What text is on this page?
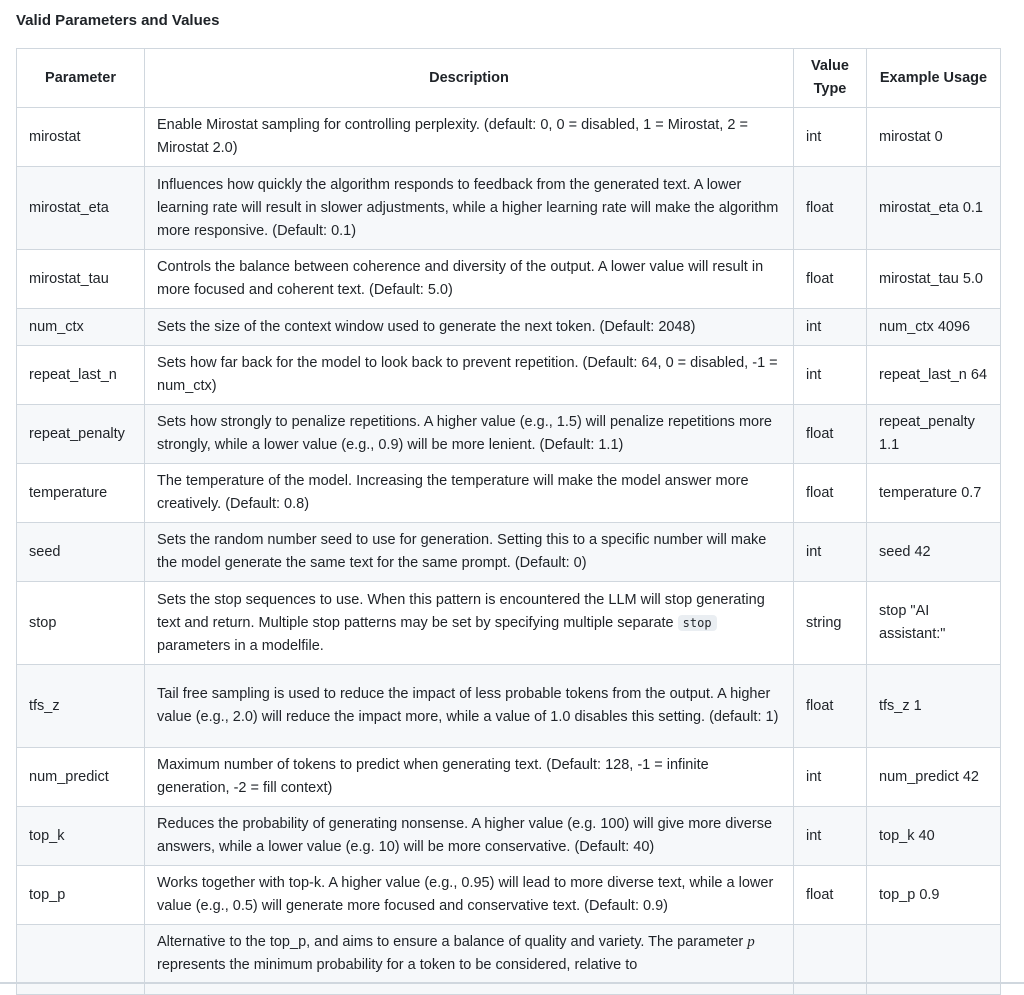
Valid Parameters and Values
Parameter	Description	Value Type	Example Usage
mirostat	Enable Mirostat sampling for controlling perplexity. (default: 0, 0 = disabled, 1 = Mirostat, 2 = Mirostat 2.0)	int	mirostat 0
mirostat_eta	Influences how quickly the algorithm responds to feedback from the generated text. A lower learning rate will result in slower adjustments, while a higher learning rate will make the algorithm more responsive. (Default: 0.1)	float	mirostat_eta 0.1
mirostat_tau	Controls the balance between coherence and diversity of the output. A lower value will result in more focused and coherent text. (Default: 5.0)	float	mirostat_tau 5.0
num_ctx	Sets the size of the context window used to generate the next token. (Default: 2048)	int	num_ctx 4096
repeat_last_n	Sets how far back for the model to look back to prevent repetition. (Default: 64, 0 = disabled, -1 = num_ctx)	int	repeat_last_n 64
repeat_penalty	Sets how strongly to penalize repetitions. A higher value (e.g., 1.5) will penalize repetitions more strongly, while a lower value (e.g., 0.9) will be more lenient. (Default: 1.1)	float	repeat_penalty 1.1
temperature	The temperature of the model. Increasing the temperature will make the model answer more creatively. (Default: 0.8)	float	temperature 0.7
seed	Sets the random number seed to use for generation. Setting this to a specific number will make the model generate the same text for the same prompt. (Default: 0)	int	seed 42
stop	Sets the stop sequences to use. When this pattern is encountered the LLM will stop generating text and return. Multiple stop patterns may be set by specifying multiple separate stop parameters in a modelfile.	string	stop "AI assistant:"
tfs_z	Tail free sampling is used to reduce the impact of less probable tokens from the output. A higher value (e.g., 2.0) will reduce the impact more, while a value of 1.0 disables this setting. (default: 1)	float	tfs_z 1
num_predict	Maximum number of tokens to predict when generating text. (Default: 128, -1 = infinite generation, -2 = fill context)	int	num_predict 42
top_k	Reduces the probability of generating nonsense. A higher value (e.g. 100) will give more diverse answers, while a lower value (e.g. 10) will be more conservative. (Default: 40)	int	top_k 40
top_p	Works together with top-k. A higher value (e.g., 0.95) will lead to more diverse text, while a lower value (e.g., 0.5) will generate more focused and conservative text. (Default: 0.9)	float	top_p 0.9
	Alternative to the top_p, and aims to ensure a balance of quality and variety. The parameter p represents the minimum probability for a token to be considered, relative to		
